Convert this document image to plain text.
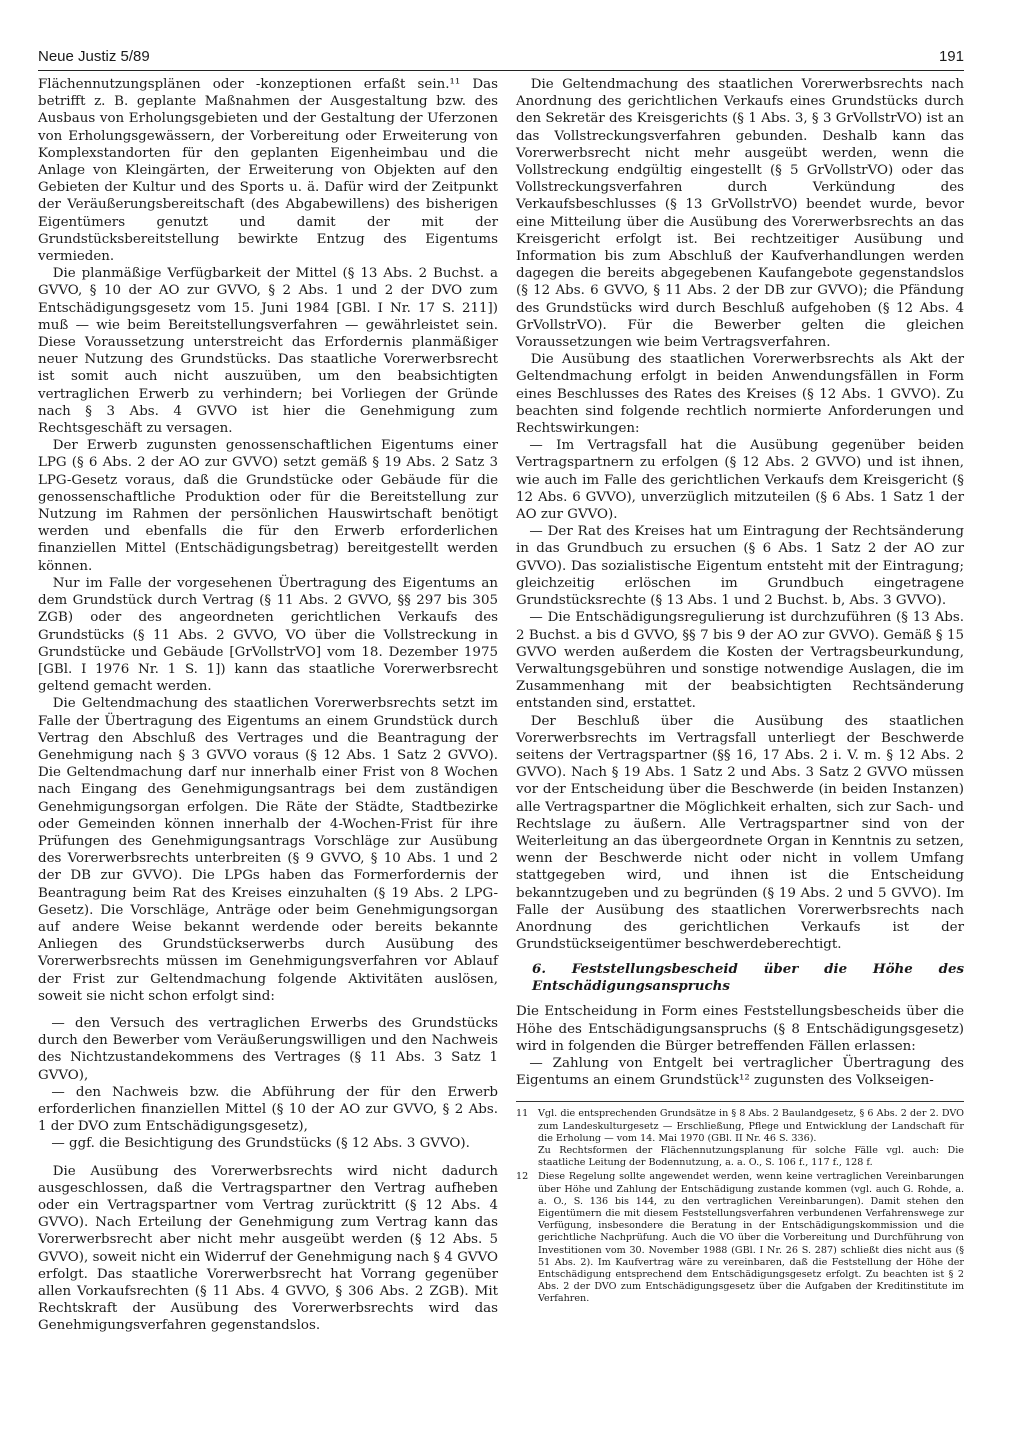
Neue Justiz 5/89	191

Flächennutzungsplänen oder -konzeptionen erfaßt sein.¹¹ Das betrifft z. B. geplante Maßnahmen der Ausgestaltung bzw. des Ausbaus von Erholungsgebieten und der Gestaltung der Uferzonen von Erholungsgewässern, der Vorbereitung oder Erweiterung von Komplexstandorten für den geplanten Eigenheimbau und die Anlage von Kleingärten, der Erweiterung von Objekten auf den Gebieten der Kultur und des Sports u. ä. Dafür wird der Zeitpunkt der Veräußerungsbereitschaft (des Abgabewillens) des bisherigen Eigentümers genutzt und damit der mit der Grundstücksbereitstellung bewirkte Entzug des Eigentums vermieden.

Die planmäßige Verfügbarkeit der Mittel (§ 13 Abs. 2 Buchst. a GVVO, § 10 der AO zur GVVO, § 2 Abs. 1 und 2 der DVO zum Entschädigungsgesetz vom 15. Juni 1984 [GBl. I Nr. 17 S. 211]) muß — wie beim Bereitstellungsverfahren — gewährleistet sein. Diese Voraussetzung unterstreicht das Erfordernis planmäßiger neuer Nutzung des Grundstücks. Das staatliche Vorerwerbsrecht ist somit auch nicht auszuüben, um den beabsichtigten vertraglichen Erwerb zu verhindern; bei Vorliegen der Gründe nach § 3 Abs. 4 GVVO ist hier die Genehmigung zum Rechtsgeschäft zu versagen.

Der Erwerb zugunsten genossenschaftlichen Eigentums einer LPG (§ 6 Abs. 2 der AO zur GVVO) setzt gemäß § 19 Abs. 2 Satz 3 LPG-Gesetz voraus, daß die Grundstücke oder Gebäude für die genossenschaftliche Produktion oder für die Bereitstellung zur Nutzung im Rahmen der persönlichen Hauswirtschaft benötigt werden und ebenfalls die für den Erwerb erforderlichen finanziellen Mittel (Entschädigungsbetrag) bereitgestellt werden können.

Nur im Falle der vorgesehenen Übertragung des Eigentums an dem Grundstück durch Vertrag (§ 11 Abs. 2 GVVO, §§ 297 bis 305 ZGB) oder des angeordneten gerichtlichen Verkaufs des Grundstücks (§ 11 Abs. 2 GVVO, VO über die Vollstreckung in Grundstücke und Gebäude [GrVollstrVO] vom 18. Dezember 1975 [GBl. I 1976 Nr. 1 S. 1]) kann das staatliche Vorerwerbsrecht geltend gemacht werden.

Die Geltendmachung des staatlichen Vorerwerbsrechts setzt im Falle der Übertragung des Eigentums an einem Grundstück durch Vertrag den Abschluß des Vertrages und die Beantragung der Genehmigung nach § 3 GVVO voraus (§ 12 Abs. 1 Satz 2 GVVO). Die Geltendmachung darf nur innerhalb einer Frist von 8 Wochen nach Eingang des Genehmigungsantrags bei dem zuständigen Genehmigungsorgan erfolgen. Die Räte der Städte, Stadtbezirke oder Gemeinden können innerhalb der 4-Wochen-Frist für ihre Prüfungen des Genehmigungsantrags Vorschläge zur Ausübung des Vorerwerbsrechts unterbreiten (§ 9 GVVO, § 10 Abs. 1 und 2 der DB zur GVVO). Die LPGs haben das Formerfordernis der Beantragung beim Rat des Kreises einzuhalten (§ 19 Abs. 2 LPG-Gesetz). Die Vorschläge, Anträge oder beim Genehmigungsorgan auf andere Weise bekannt werdende oder bereits bekannte Anliegen des Grundstückserwerbs durch Ausübung des Vorerwerbsrechts müssen im Genehmigungsverfahren vor Ablauf der Frist zur Geltendmachung folgende Aktivitäten auslösen, soweit sie nicht schon erfolgt sind:

— den Versuch des vertraglichen Erwerbs des Grundstücks durch den Bewerber vom Veräußerungswilligen und den Nachweis des Nichtzustandekommens des Vertrages (§ 11 Abs. 3 Satz 1 GVVO),

— den Nachweis bzw. die Abführung der für den Erwerb erforderlichen finanziellen Mittel (§ 10 der AO zur GVVO, § 2 Abs. 1 der DVO zum Entschädigungsgesetz),

— ggf. die Besichtigung des Grundstücks (§ 12 Abs. 3 GVVO).

Die Ausübung des Vorerwerbsrechts wird nicht dadurch ausgeschlossen, daß die Vertragspartner den Vertrag aufheben oder ein Vertragspartner vom Vertrag zurücktritt (§ 12 Abs. 4 GVVO). Nach Erteilung der Genehmigung zum Vertrag kann das Vorerwerbsrecht aber nicht mehr ausgeübt werden (§ 12 Abs. 5 GVVO), soweit nicht ein Widerruf der Genehmigung nach § 4 GVVO erfolgt. Das staatliche Vorerwerbsrecht hat Vorrang gegenüber allen Vorkaufsrechten (§ 11 Abs. 4 GVVO, § 306 Abs. 2 ZGB). Mit Rechtskraft der Ausübung des Vorerwerbsrechts wird das Genehmigungsverfahren gegenstandslos.

Die Geltendmachung des staatlichen Vorerwerbsrechts nach Anordnung des gerichtlichen Verkaufs eines Grundstücks durch den Sekretär des Kreisgerichts (§ 1 Abs. 3, § 3 GrVollstrVO) ist an das Vollstreckungsverfahren gebunden. Deshalb kann das Vorerwerbsrecht nicht mehr ausgeübt werden, wenn die Vollstreckung endgültig eingestellt (§ 5 GrVollstrVO) oder das Vollstreckungsverfahren durch Verkündung des Verkaufsbeschlusses (§ 13 GrVollstrVO) beendet wurde, bevor eine Mitteilung über die Ausübung des Vorerwerbsrechts an das Kreisgericht erfolgt ist. Bei rechtzeitiger Ausübung und Information bis zum Abschluß der Kaufverhandlungen werden dagegen die bereits abgegebenen Kaufangebote gegenstandslos (§ 12 Abs. 6 GVVO, § 11 Abs. 2 der DB zur GVVO); die Pfändung des Grundstücks wird durch Beschluß aufgehoben (§ 12 Abs. 4 GrVollstrVO). Für die Bewerber gelten die gleichen Voraussetzungen wie beim Vertragsverfahren.

Die Ausübung des staatlichen Vorerwerbsrechts als Akt der Geltendmachung erfolgt in beiden Anwendungsfällen in Form eines Beschlusses des Rates des Kreises (§ 12 Abs. 1 GVVO). Zu beachten sind folgende rechtlich normierte Anforderungen und Rechtswirkungen:

— Im Vertragsfall hat die Ausübung gegenüber beiden Vertragspartnern zu erfolgen (§ 12 Abs. 2 GVVO) und ist ihnen, wie auch im Falle des gerichtlichen Verkaufs dem Kreisgericht (§ 12 Abs. 6 GVVO), unverzüglich mitzuteilen (§ 6 Abs. 1 Satz 1 der AO zur GVVO).

— Der Rat des Kreises hat um Eintragung der Rechtsänderung in das Grundbuch zu ersuchen (§ 6 Abs. 1 Satz 2 der AO zur GVVO). Das sozialistische Eigentum entsteht mit der Eintragung; gleichzeitig erlöschen im Grundbuch eingetragene Grundstücksrechte (§ 13 Abs. 1 und 2 Buchst. b, Abs. 3 GVVO).

— Die Entschädigungsregulierung ist durchzuführen (§ 13 Abs. 2 Buchst. a bis d GVVO, §§ 7 bis 9 der AO zur GVVO). Gemäß § 15 GVVO werden außerdem die Kosten der Vertragsbeurkundung, Verwaltungsgebühren und sonstige notwendige Auslagen, die im Zusammenhang mit der beabsichtigten Rechtsänderung entstanden sind, erstattet.

Der Beschluß über die Ausübung des staatlichen Vorerwerbsrechts im Vertragsfall unterliegt der Beschwerde seitens der Vertragspartner (§§ 16, 17 Abs. 2 i. V. m. § 12 Abs. 2 GVVO). Nach § 19 Abs. 1 Satz 2 und Abs. 3 Satz 2 GVVO müssen vor der Entscheidung über die Beschwerde (in beiden Instanzen) alle Vertragspartner die Möglichkeit erhalten, sich zur Sach- und Rechtslage zu äußern. Alle Vertragspartner sind von der Weiterleitung an das übergeordnete Organ in Kenntnis zu setzen, wenn der Beschwerde nicht oder nicht in vollem Umfang stattgegeben wird, und ihnen ist die Entscheidung bekanntzugeben und zu begründen (§ 19 Abs. 2 und 5 GVVO). Im Falle der Ausübung des staatlichen Vorerwerbsrechts nach Anordnung des gerichtlichen Verkaufs ist der Grundstückseigentümer beschwerdeberechtigt.

6. Feststellungsbescheid über die Höhe des Entschädigungsanspruchs

Die Entscheidung in Form eines Feststellungsbescheids über die Höhe des Entschädigungsanspruchs (§ 8 Entschädigungsgesetz) wird in folgenden die Bürger betreffenden Fällen erlassen:

— Zahlung von Entgelt bei vertraglicher Übertragung des Eigentums an einem Grundstück¹² zugunsten des Volkseigen-

11	Vgl. die entsprechenden Grundsätze in § 8 Abs. 2 Baulandgesetz, § 6 Abs. 2 der 2. DVO zum Landeskulturgesetz — Erschließung, Pflege und Entwicklung der Landschaft für die Erholung — vom 14. Mai 1970 (GBl. II Nr. 46 S. 336).

Zu Rechtsformen der Flächennutzungsplanung für solche Fälle vgl. auch: Die staatliche Leitung der Bodennutzung, a. a. O., S. 106 f., 117 f., 128 f.

12	Diese Regelung sollte angewendet werden, wenn keine vertraglichen Vereinbarungen über Höhe und Zahlung der Entschädigung zustande kommen (vgl. auch G. Rohde, a. a. O., S. 136 bis 144, zu den vertraglichen Vereinbarungen). Damit stehen den Eigentümern die mit diesem Feststellungsverfahren verbundenen Verfahrenswege zur Verfügung, insbesondere die Beratung in der Entschädigungskommission und die gerichtliche Nachprüfung. Auch die VO über die Vorbereitung und Durchführung von Investitionen vom 30. November 1988 (GBl. I Nr. 26 S. 287) schließt dies nicht aus (§ 51 Abs. 2). Im Kaufvertrag wäre zu vereinbaren, daß die Feststellung der Höhe der Entschädigung entsprechend dem Entschädigungsgesetz erfolgt. Zu beachten ist § 2 Abs. 2 der DVO zum Entschädigungsgesetz über die Aufgaben der Kreditinstitute im Verfahren.
